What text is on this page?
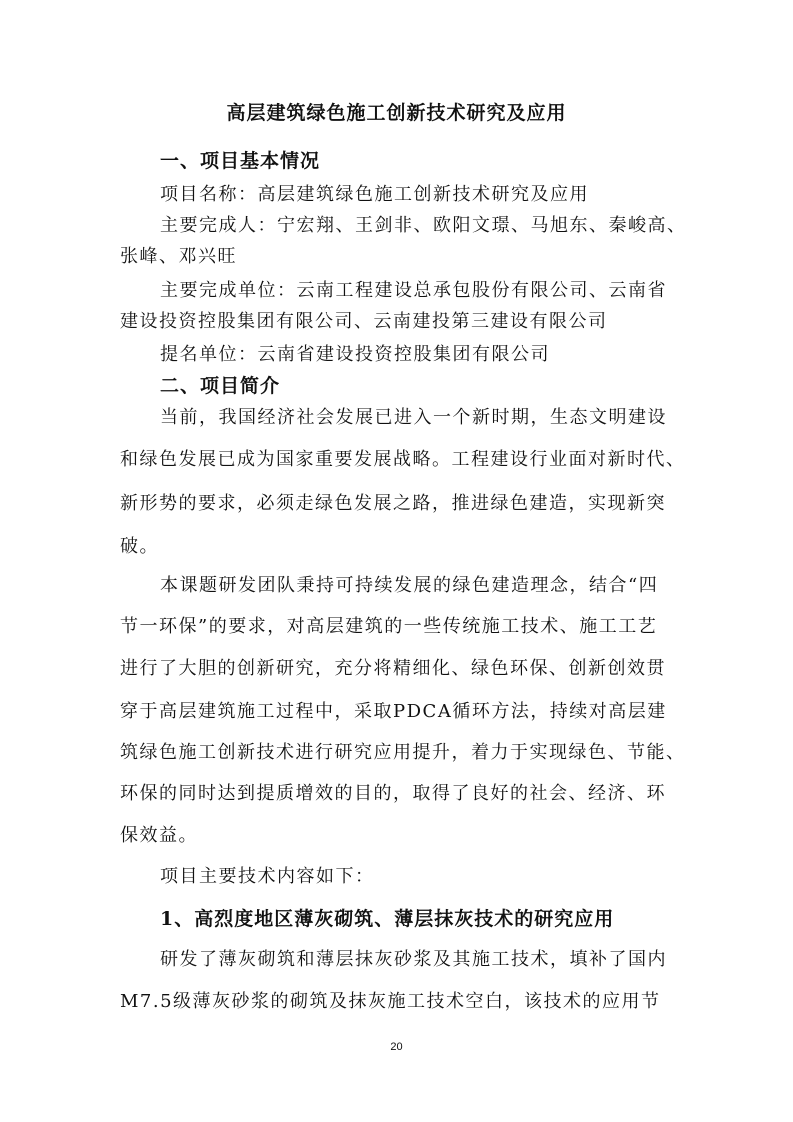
高层建筑绿色施工创新技术研究及应用
一、项目基本情况
项目名称：高层建筑绿色施工创新技术研究及应用
主要完成人：宁宏翔、王剑非、欧阳文璟、马旭东、秦峻高、
张峰、邓兴旺
主要完成单位：云南工程建设总承包股份有限公司、云南省
建设投资控股集团有限公司、云南建投第三建设有限公司
提名单位：云南省建设投资控股集团有限公司
二、项目简介
当前，我国经济社会发展已进入一个新时期，生态文明建设
和绿色发展已成为国家重要发展战略。工程建设行业面对新时代、
新形势的要求，必须走绿色发展之路，推进绿色建造，实现新突
破。
本课题研发团队秉持可持续发展的绿色建造理念，结合“四
节一环保”的要求，对高层建筑的一些传统施工技术、施工工艺
进行了大胆的创新研究，充分将精细化、绿色环保、创新创效贯
穿于高层建筑施工过程中，采取PDCA循环方法，持续对高层建
筑绿色施工创新技术进行研究应用提升，着力于实现绿色、节能、
环保的同时达到提质增效的目的，取得了良好的社会、经济、环
保效益。
项目主要技术内容如下：
1、高烈度地区薄灰砌筑、薄层抹灰技术的研究应用
研发了薄灰砌筑和薄层抹灰砂浆及其施工技术，填补了国内
M7.5级薄灰砂浆的砌筑及抹灰施工技术空白，该技术的应用节
20
